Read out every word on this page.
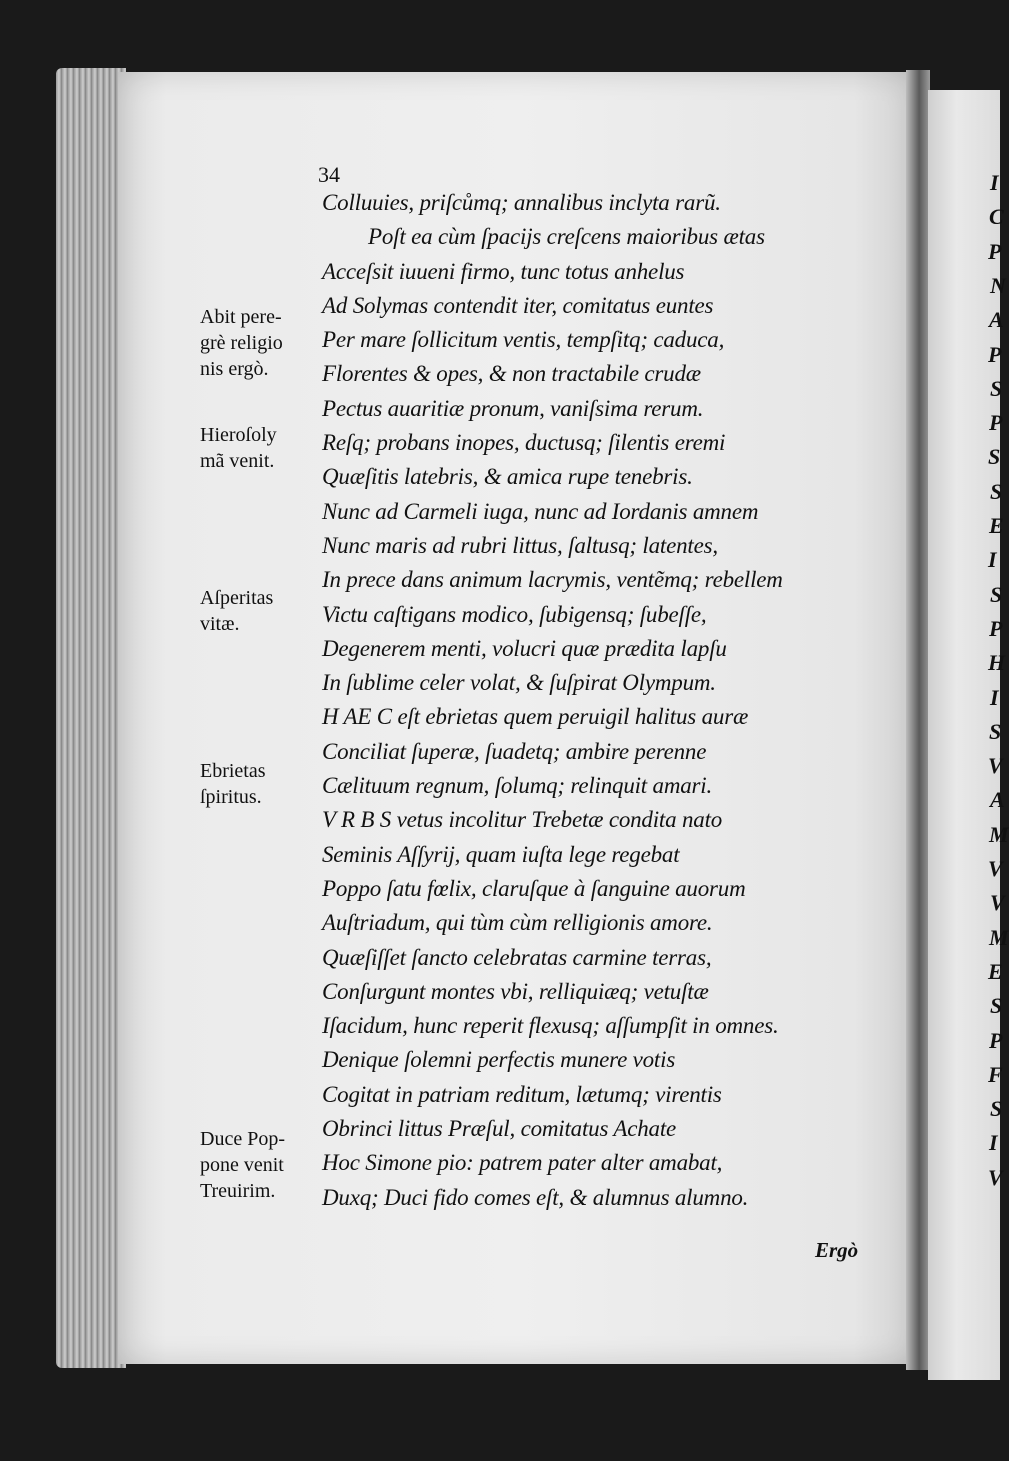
I
C
P
N
A
P
S
P
S
S
E
I
S
P
H
I
S
V
A
M
V
V
M
E
S
P
F
S
I
V
34
Colluuies, priſcůmq; annalibus inclyta rarũ.
Poſt ea cùm ſpacijs creſcens maioribus ætas
Acceſsit iuueni firmo, tunc totus anhelus
Ad Solymas contendit iter, comitatus euntes
Per mare ſollicitum ventis, tempſitq; caduca,
Florentes & opes, & non tractabile crudæ
Pectus auaritiæ pronum, vaniſsima rerum.
Reſq; probans inopes, ductusq; ſilentis eremi
Quæſitis latebris, & amica rupe tenebris.
Nunc ad Carmeli iuga, nunc ad Iordanis amnem
Nunc maris ad rubri littus, ſaltusq; latentes,
In prece dans animum lacrymis, ventẽmq; rebellem
Victu caſtigans modico, ſubigensq; ſubeſſe,
Degenerem menti, volucri quæ prædita lapſu
In ſublime celer volat, & ſuſpirat Olympum.
H AE C eſt ebrietas quem peruigil halitus auræ
Conciliat ſuperæ, ſuadetq; ambire perenne
Cælituum regnum, ſolumq; relinquit amari.
V R B S vetus incolitur Trebetæ condita nato
Seminis Aſſyrij, quam iuſta lege regebat
Poppo ſatu fœlix, claruſque à ſanguine auorum
Auſtriadum, qui tùm cùm relligionis amore.
Quæſiſſet ſancto celebratas carmine terras,
Conſurgunt montes vbi, relliquiæq; vetuſtæ
Iſacidum, hunc reperit flexusq; aſſumpſit in omnes.
Denique ſolemni perfectis munere votis
Cogitat in patriam reditum, lætumq; virentis
Obrinci littus Præſul, comitatus Achate
Hoc Simone pio: patrem pater alter amabat,
Duxq; Duci fido comes eſt, & alumnus alumno.
Abit pere-
grè religio
nis ergò.
Hieroſoly
mã venit.
Aſperitas
vitæ.
Ebrietas
ſpiritus.
Duce Pop-
pone venit
Treuirim.
Ergò
